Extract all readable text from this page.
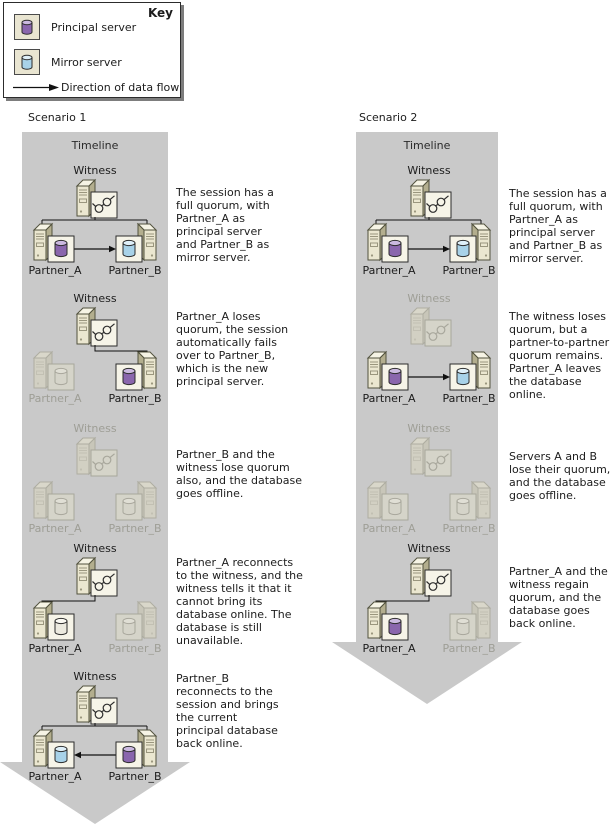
Key
Principal server
Mirror server
Direction of data flow
Scenario 1	Scenario 2
Timeline
Witness
Partner_A	Partner_B
Witness
Partner_A	Partner_B
Witness
Partner_A	Partner_B
Witness
Partner_A	Partner_B
Witness
Partner_A	Partner_B
Timeline
Witness
Partner_A	Partner_B
Witness
Partner_A	Partner_B
Witness
Partner_A	Partner_B
Witness
Partner_A	Partner_B
The session has a full quorum, with Partner_A as principal server and Partner_B as mirror server.
Partner_A loses quorum, the session automatically fails over to Partner_B, which is the new principal server.
Partner_B and the witness lose quorum also, and the database goes offline.
Partner_A reconnects to the witness, and the witness tells it that it cannot bring its database online. The database is still unavailable.
Partner_B reconnects to the session and brings the current principal database back online.
The session has a full quorum, with Partner_A as principal server and Partner_B as mirror server.
The witness loses quorum, but a partner-to-partner quorum remains. Partner_A leaves the database online.
Servers A and B lose their quorum, and the database goes offline.
Partner_A and the witness regain quorum, and the database goes back online.
